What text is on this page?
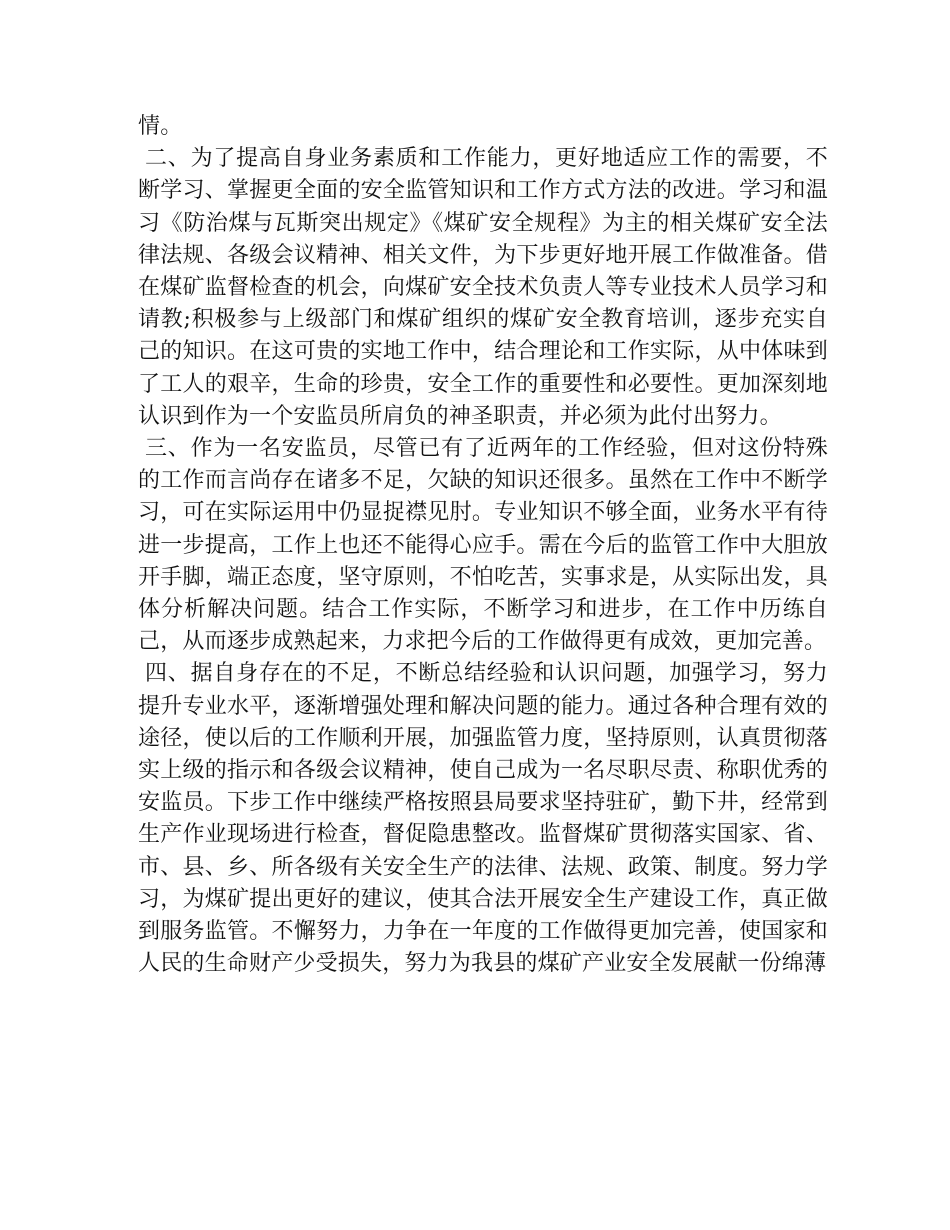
情。

二、为了提高自身业务素质和工作能力，更好地适应工作的需要，不断学习、掌握更全面的安全监管知识和工作方式方法的改进。学习和温习《防治煤与瓦斯突出规定》《煤矿安全规程》为主的相关煤矿安全法律法规、各级会议精神、相关文件，为下步更好地开展工作做准备。借在煤矿监督检查的机会，向煤矿安全技术负责人等专业技术人员学习和请教;积极参与上级部门和煤矿组织的煤矿安全教育培训，逐步充实自己的知识。在这可贵的实地工作中，结合理论和工作实际，从中体味到了工人的艰辛，生命的珍贵，安全工作的重要性和必要性。更加深刻地认识到作为一个安监员所肩负的神圣职责，并必须为此付出努力。

三、作为一名安监员，尽管已有了近两年的工作经验，但对这份特殊的工作而言尚存在诸多不足，欠缺的知识还很多。虽然在工作中不断学习，可在实际运用中仍显捉襟见肘。专业知识不够全面，业务水平有待进一步提高，工作上也还不能得心应手。需在今后的监管工作中大胆放开手脚，端正态度，坚守原则，不怕吃苦，实事求是，从实际出发，具体分析解决问题。结合工作实际，不断学习和进步，在工作中历练自己，从而逐步成熟起来，力求把今后的工作做得更有成效，更加完善。

四、据自身存在的不足，不断总结经验和认识问题，加强学习，努力提升专业水平，逐渐增强处理和解决问题的能力。通过各种合理有效的途径，使以后的工作顺利开展，加强监管力度，坚持原则，认真贯彻落实上级的指示和各级会议精神，使自己成为一名尽职尽责、称职优秀的安监员。下步工作中继续严格按照县局要求坚持驻矿，勤下井，经常到生产作业现场进行检查，督促隐患整改。监督煤矿贯彻落实国家、省、市、县、乡、所各级有关安全生产的法律、法规、政策、制度。努力学习，为煤矿提出更好的建议，使其合法开展安全生产建设工作，真正做到服务监管。不懈努力，力争在一年度的工作做得更加完善，使国家和人民的生命财产少受损失，努力为我县的煤矿产业安全发展献一份绵薄
